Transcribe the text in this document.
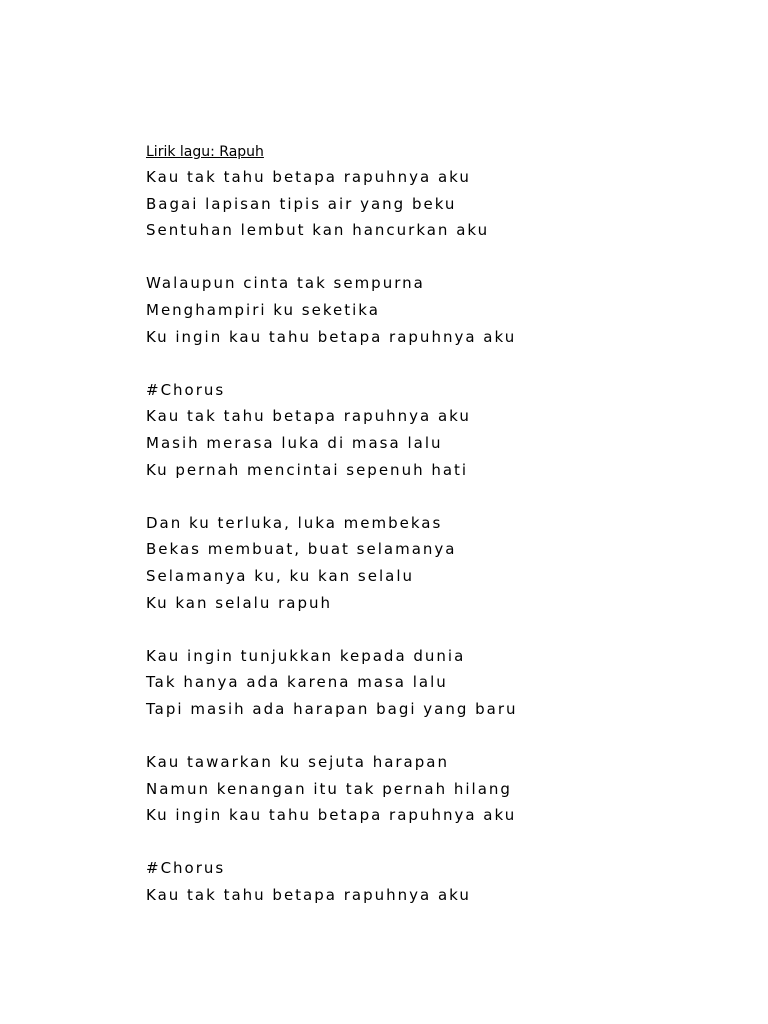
Lirik lagu: Rapuh
Kau tak tahu betapa rapuhnya aku
Bagai lapisan tipis air yang beku
Sentuhan lembut kan hancurkan aku
Walaupun cinta tak sempurna
Menghampiri ku seketika
Ku ingin kau tahu betapa rapuhnya aku
#Chorus
Kau tak tahu betapa rapuhnya aku
Masih merasa luka di masa lalu
Ku pernah mencintai sepenuh hati
Dan ku terluka, luka membekas
Bekas membuat, buat selamanya
Selamanya ku, ku kan selalu
Ku kan selalu rapuh
Kau ingin tunjukkan kepada dunia
Tak hanya ada karena masa lalu
Tapi masih ada harapan bagi yang baru
Kau tawarkan ku sejuta harapan
Namun kenangan itu tak pernah hilang
Ku ingin kau tahu betapa rapuhnya aku
#Chorus
Kau tak tahu betapa rapuhnya aku
